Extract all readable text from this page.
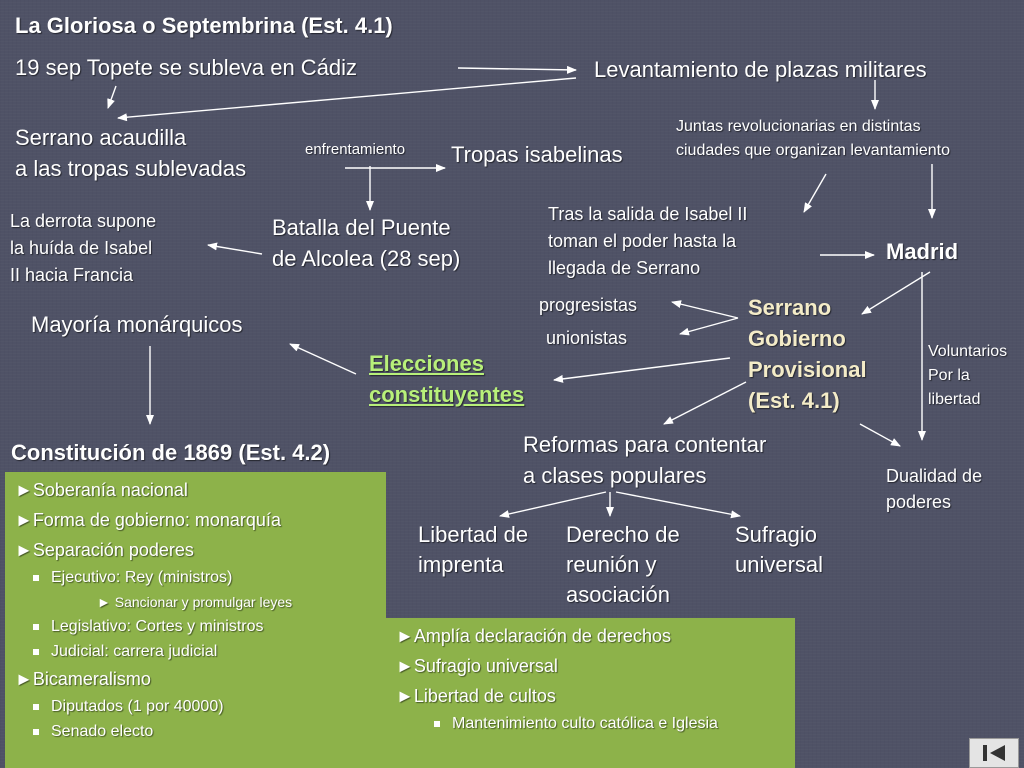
La Gloriosa o Septembrina (Est. 4.1)
19 sep Topete se subleva en Cádiz	Levantamiento de plazas militares
Serrano acaudilla
a las tropas sublevadas
enfrentamiento Tropas isabelinas
Juntas revolucionarias en distintas
ciudades que organizan levantamiento
La derrota supone
la huída de Isabel
II hacia Francia
Batalla del Puente
de Alcolea (28 sep)
Tras la salida de Isabel II
toman el poder hasta la
llegada de Serrano
Madrid
progresistas
unionistas
Serrano
Gobierno
Provisional
(Est. 4.1)
Voluntarios
Por la
libertad
Mayoría monárquicos
Elecciones
constituyentes
Constitución de 1869 (Est. 4.2)	Reformas para contentar
a clases populares	Dualidad de
poderes
Libertad de
imprenta
Derecho de
reunión y
asociación
Sufragio
universal
►Soberanía nacional
►Forma de gobierno: monarquía
►Separación poderes
Ejecutivo: Rey (ministros)
► Sancionar y promulgar leyes
Legislativo: Cortes y ministros
Judicial: carrera judicial
►Bicameralismo
Diputados (1 por 40000)
Senado electo
►Amplía declaración de derechos
►Sufragio universal
►Libertad de cultos
Mantenimiento culto católica e Iglesia
